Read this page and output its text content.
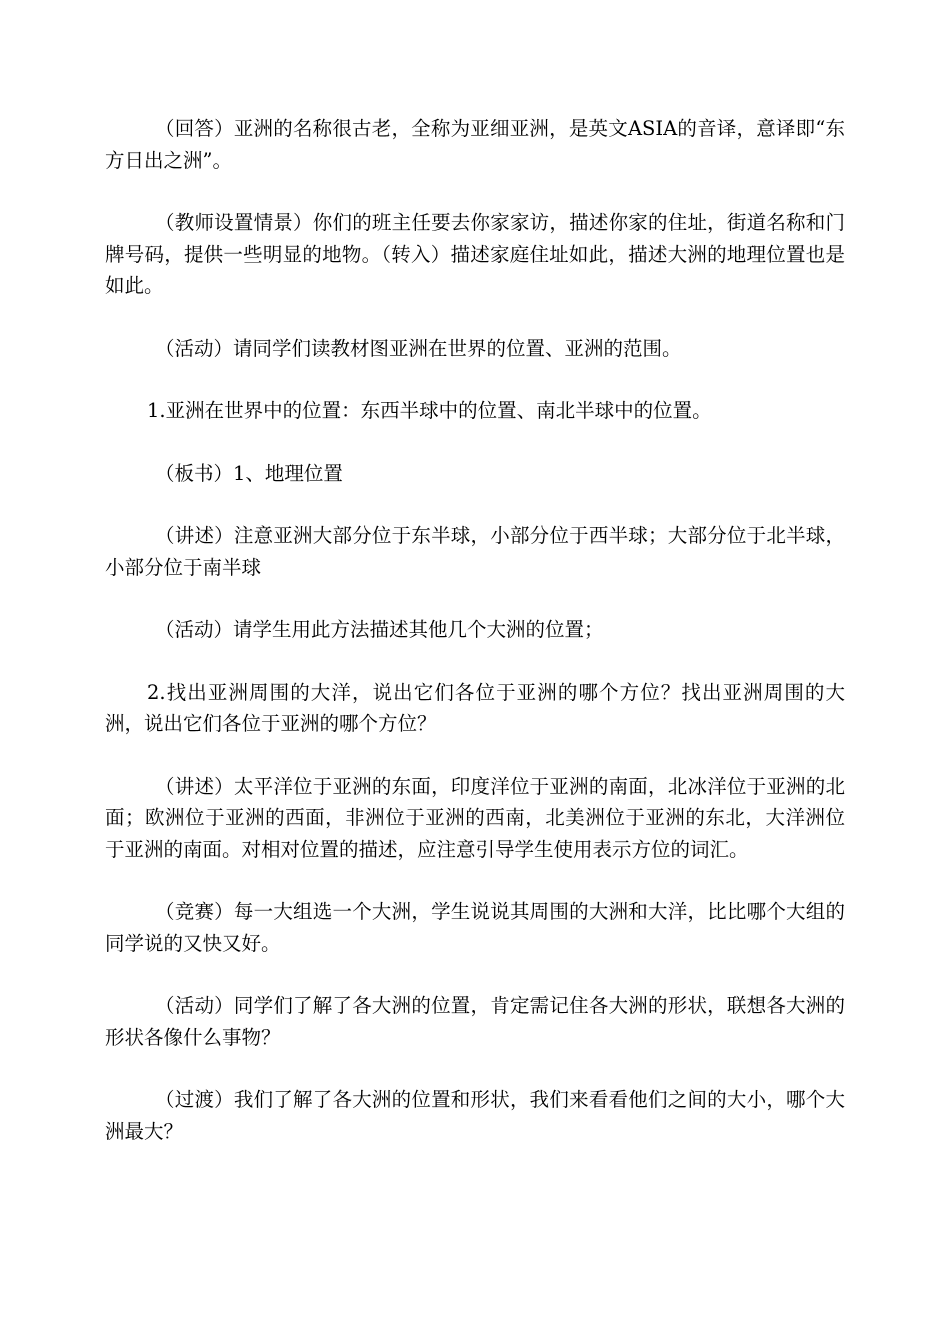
（回答）亚洲的名称很古老，全称为亚细亚洲，是英文ASIA的音译，意译即“东方日出之洲”。

（教师设置情景）你们的班主任要去你家家访，描述你家的住址，街道名称和门牌号码，提供一些明显的地物。（转入）描述家庭住址如此，描述大洲的地理位置也是如此。

（活动）请同学们读教材图亚洲在世界的位置、亚洲的范围。

1.亚洲在世界中的位置：东西半球中的位置、南北半球中的位置。

（板书）1、地理位置

（讲述）注意亚洲大部分位于东半球，小部分位于西半球；大部分位于北半球，小部分位于南半球

（活动）请学生用此方法描述其他几个大洲的位置；

2.找出亚洲周围的大洋，说出它们各位于亚洲的哪个方位？找出亚洲周围的大洲，说出它们各位于亚洲的哪个方位？

（讲述）太平洋位于亚洲的东面，印度洋位于亚洲的南面，北冰洋位于亚洲的北面；欧洲位于亚洲的西面，非洲位于亚洲的西南，北美洲位于亚洲的东北，大洋洲位于亚洲的南面。对相对位置的描述，应注意引导学生使用表示方位的词汇。

（竞赛）每一大组选一个大洲，学生说说其周围的大洲和大洋，比比哪个大组的同学说的又快又好。

（活动）同学们了解了各大洲的位置，肯定需记住各大洲的形状，联想各大洲的形状各像什么事物？

（过渡）我们了解了各大洲的位置和形状，我们来看看他们之间的大小，哪个大洲最大？
